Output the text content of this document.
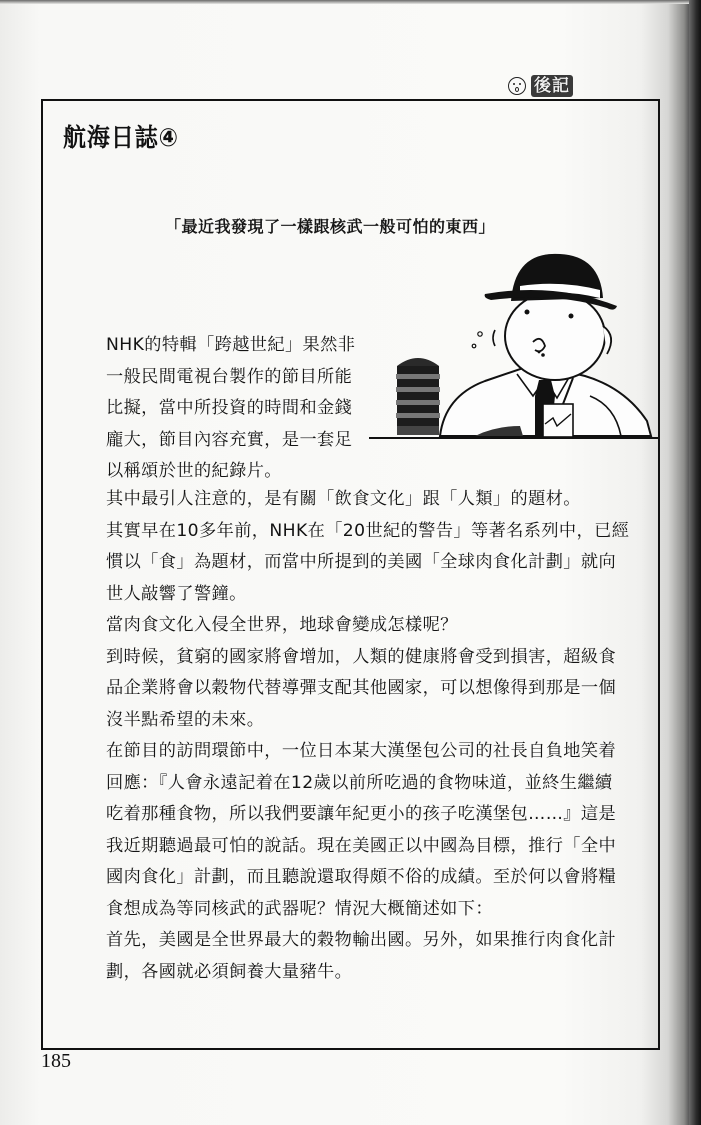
後記
航海日誌④
「最近我發現了一樣跟核武一般可怕的東西」
NHK的特輯「跨越世紀」果然非
一般民間電視台製作的節目所能
比擬，當中所投資的時間和金錢
龐大，節目內容充實，是一套足
以稱頌於世的紀錄片。
其中最引人注意的，是有關「飲食文化」跟「人類」的題材。
其實早在10多年前，NHK在「20世紀的警告」等著名系列中，已經
慣以「食」為題材，而當中所提到的美國「全球肉食化計劃」就向
世人敲響了警鐘。
當肉食文化入侵全世界，地球會變成怎樣呢？
到時候，貧窮的國家將會增加，人類的健康將會受到損害，超級食
品企業將會以穀物代替導彈支配其他國家，可以想像得到那是一個
沒半點希望的未來。
在節目的訪問環節中，一位日本某大漢堡包公司的社長自負地笑着
回應：『人會永遠記着在12歲以前所吃過的食物味道，並終生繼續
吃着那種食物，所以我們要讓年紀更小的孩子吃漢堡包……』這是
我近期聽過最可怕的說話。現在美國正以中國為目標，推行「全中
國肉食化」計劃，而且聽說還取得頗不俗的成績。至於何以會將糧
食想成為等同核武的武器呢？情況大概簡述如下：
首先，美國是全世界最大的穀物輸出國。另外，如果推行肉食化計
劃，各國就必須飼養大量豬牛。
185
